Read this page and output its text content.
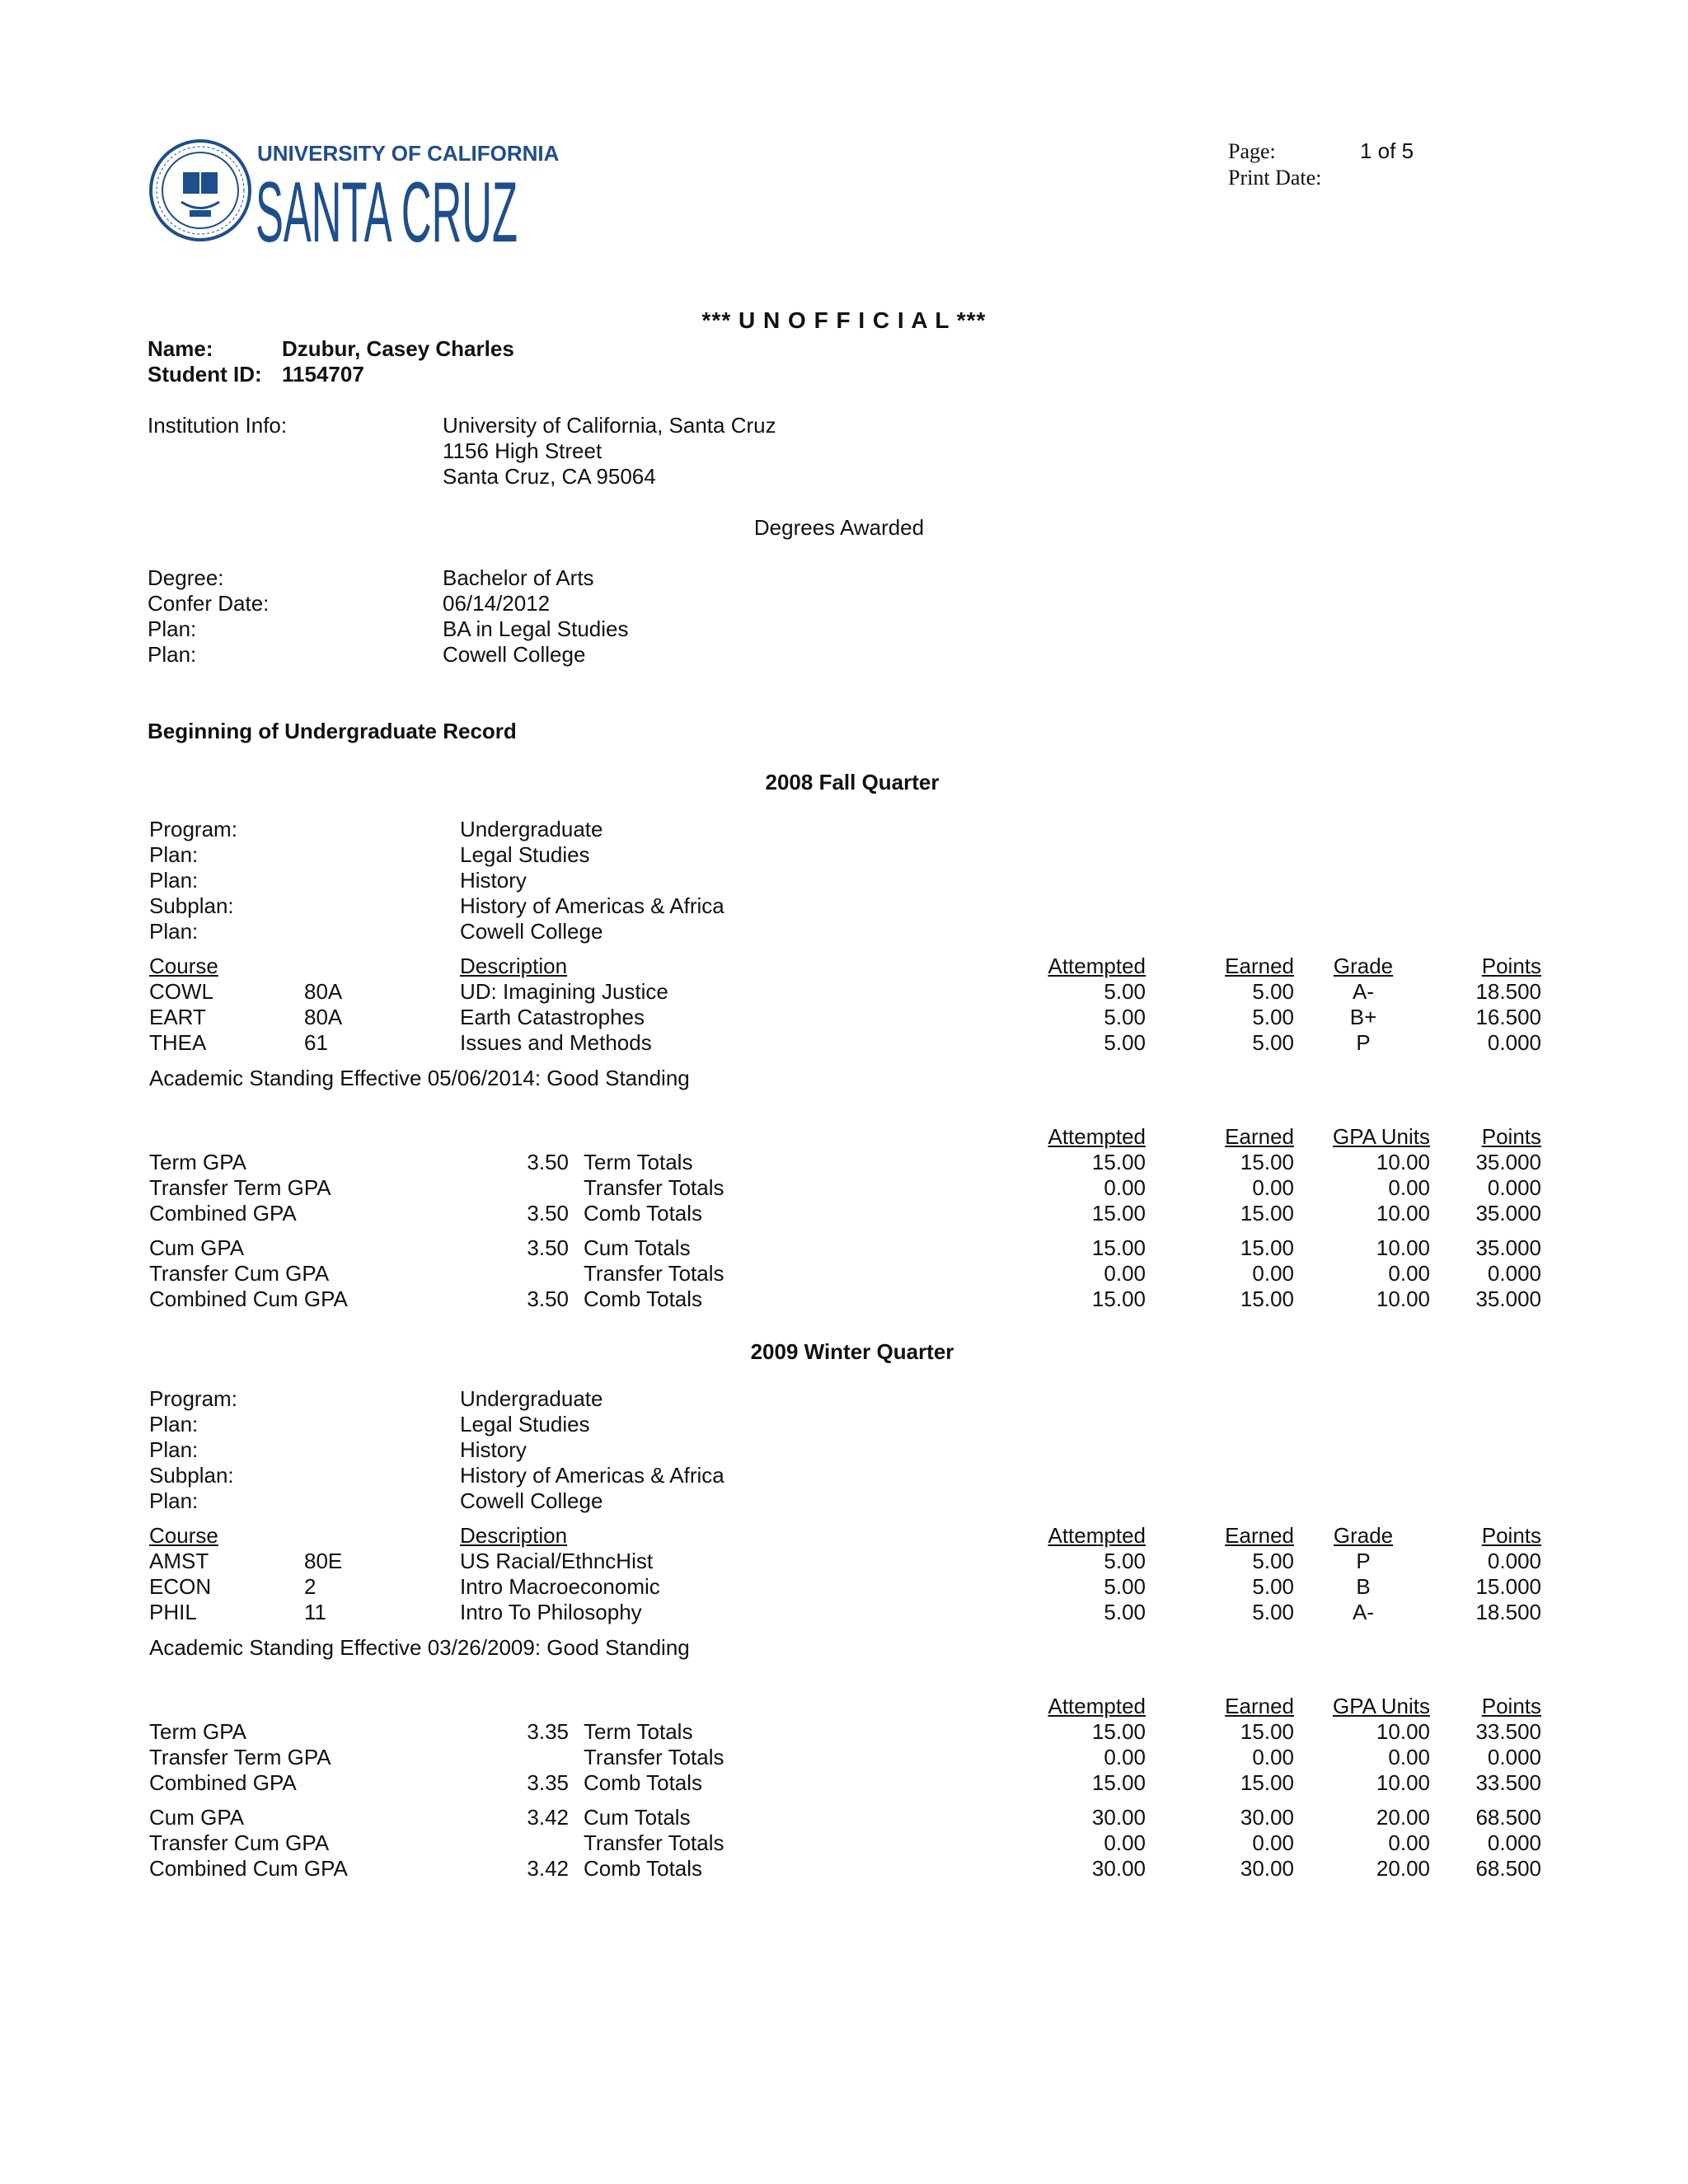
UNIVERSITY OF CALIFORNIA
SANTA CRUZ
Page:	1 of 5
Print Date:
*** U N O F F I C I A L ***
Name:	Dzubur, Casey Charles
Student ID: 1154707
Institution Info:	University of California, Santa Cruz
1156 High Street
Santa Cruz, CA 95064
Degrees Awarded
Degree:	Bachelor of Arts
Confer Date:	06/14/2012
Plan:	BA in Legal Studies
Plan:	Cowell College
Beginning of Undergraduate Record
2008 Fall Quarter
Program:	Undergraduate
Plan:	Legal Studies
Plan:	History
Subplan:	History of Americas & Africa
Plan:	Cowell College
Course	Description	Attempted	Earned	Grade	Points
COWL	80A	UD: Imagining Justice	5.00	5.00	A-	18.500
EART	80A	Earth Catastrophes	5.00	5.00	B+	16.500
THEA	61	Issues and Methods	5.00	5.00	P	0.000
Academic Standing Effective 05/06/2014: Good Standing
Attempted	Earned	GPA Units	Points
Term GPA	3.50 Term Totals	15.00	15.00	10.00	35.000
Transfer Term GPA	Transfer Totals	0.00	0.00	0.00	0.000
Combined GPA	3.50 Comb Totals	15.00	15.00	10.00	35.000
Cum GPA	3.50 Cum Totals	15.00	15.00	10.00	35.000
Transfer Cum GPA	Transfer Totals	0.00	0.00	0.00	0.000
Combined Cum GPA	3.50 Comb Totals	15.00	15.00	10.00	35.000
2009 Winter Quarter
Program:	Undergraduate
Plan:	Legal Studies
Plan:	History
Subplan:	History of Americas & Africa
Plan:	Cowell College
Course	Description	Attempted	Earned	Grade	Points
AMST	80E	US Racial/EthncHist	5.00	5.00	P	0.000
ECON	2	Intro Macroeconomic	5.00	5.00	B	15.000
PHIL	11	Intro To Philosophy	5.00	5.00	A-	18.500
Academic Standing Effective 03/26/2009: Good Standing
Attempted	Earned	GPA Units	Points
Term GPA	3.35 Term Totals	15.00	15.00	10.00	33.500
Transfer Term GPA	Transfer Totals	0.00	0.00	0.00	0.000
Combined GPA	3.35 Comb Totals	15.00	15.00	10.00	33.500
Cum GPA	3.42 Cum Totals	30.00	30.00	20.00	68.500
Transfer Cum GPA	Transfer Totals	0.00	0.00	0.00	0.000
Combined Cum GPA	3.42 Comb Totals	30.00	30.00	20.00	68.500
